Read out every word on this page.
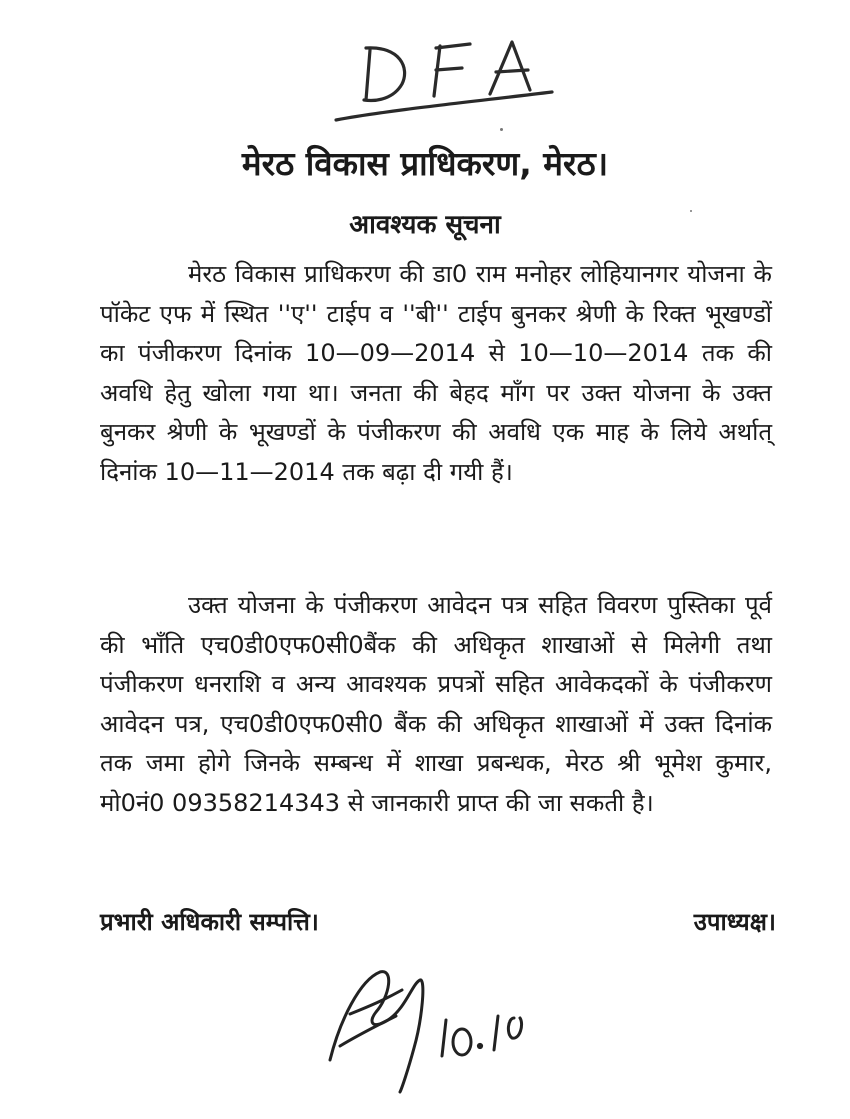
मेरठ विकास प्राधिकरण, मेरठ।
आवश्यक सूचना

मेरठ विकास प्राधिकरण की डा0 राम मनोहर लोहियानगर योजना के पॉकेट एफ में स्थित ''ए'' टाईप व ''बी'' टाईप बुनकर श्रेणी के रिक्त भूखण्डों का पंजीकरण दिनांक 10—09—2014 से 10—10—2014 तक की अवधि हेतु खोला गया था। जनता की बेहद माँग पर उक्त योजना के उक्त बुनकर श्रेणी के भूखण्डों के पंजीकरण की अवधि एक माह के लिये अर्थात् दिनांक 10—11—2014 तक बढ़ा दी गयी हैं।

उक्त योजना के पंजीकरण आवेदन पत्र सहित विवरण पुस्तिका पूर्व की भाँति एच0डी0एफ0सी0बैंक की अधिकृत शाखाओं से मिलेगी तथा पंजीकरण धनराशि व अन्य आवश्यक प्रपत्रों सहित आवेकदकों के पंजीकरण आवेदन पत्र, एच0डी0एफ0सी0 बैंक की अधिकृत शाखाओं में उक्त दिनांक तक जमा होगे जिनके सम्बन्ध में शाखा प्रबन्धक, मेरठ श्री भूमेश कुमार, मो0नं0 09358214343 से जानकारी प्राप्त की जा सकती है।

प्रभारी अधिकारी सम्पत्ति।	उपाध्यक्ष।
